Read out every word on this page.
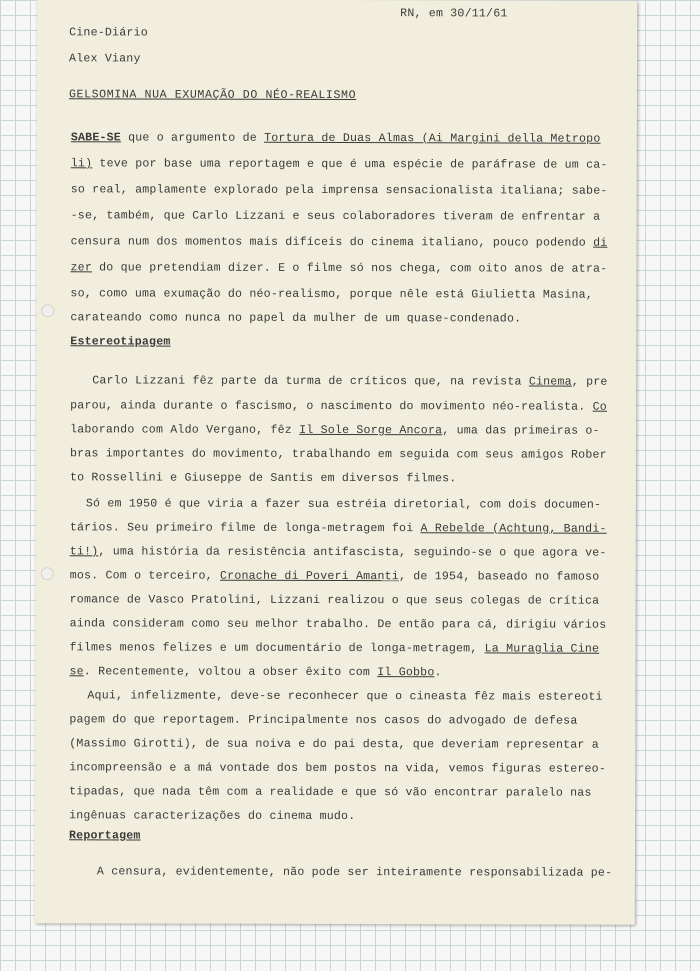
RN, em 30/11/61
Cine-Diário
Alex Viany
GELSOMINA NUA EXUMAÇÃO DO NÉO-REALISMO
SABE-SE que o argumento de Tortura de Duas Almas (Ai Margini della Metropo
li) teve por base uma reportagem e que é uma espécie de paráfrase de um ca-
so real, amplamente explorado pela imprensa sensacionalista italiana; sabe-
-se, também, que Carlo Lizzani e seus colaboradores tiveram de enfrentar a
censura num dos momentos mais difíceis do cinema italiano, pouco podendo di
zer do que pretendiam dizer. E o filme só nos chega, com oito anos de atra-
so, como uma exumação do néo-realismo, porque nêle está Giulietta Masina,
carateando como nunca no papel da mulher de um quase-condenado.
Estereotipagem
Carlo Lizzani fêz parte da turma de críticos que, na revista Cinema, pre
parou, ainda durante o fascismo, o nascimento do movimento néo-realista. Co
laborando com Aldo Vergano, fêz Il Sole Sorge Ancora, uma das primeiras o-
bras importantes do movimento, trabalhando em seguida com seus amigos Rober
to Rossellini e Giuseppe de Santis em diversos filmes.
Só em 1950 é que viria a fazer sua estréia diretorial, com dois documen-
tários. Seu primeiro filme de longa-metragem foi A Rebelde (Achtung, Bandi-
ti!), uma história da resistência antifascista, seguindo-se o que agora ve-
mos. Com o terceiro, Cronache di Poveri Amanti, de 1954, baseado no famoso
romance de Vasco Pratolini, Lizzani realizou o que seus colegas de crítica
ainda consideram como seu melhor trabalho. De então para cá, dirigiu vários
filmes menos felizes e um documentário de longa-metragem, La Muraglia Cine
se. Recentemente, voltou a obser êxito com Il Gobbo.
Aqui, infelizmente, deve-se reconhecer que o cineasta fêz mais estereoti
pagem do que reportagem. Principalmente nos casos do advogado de defesa
(Massimo Girotti), de sua noiva e do pai desta, que deveriam representar a
incompreensão e a má vontade dos bem postos na vida, vemos figuras estereo-
tipadas, que nada têm com a realidade e que só vão encontrar paralelo nas
ingênuas caracterizações do cinema mudo.
Reportagem
A censura, evidentemente, não pode ser inteiramente responsabilizada pe-
